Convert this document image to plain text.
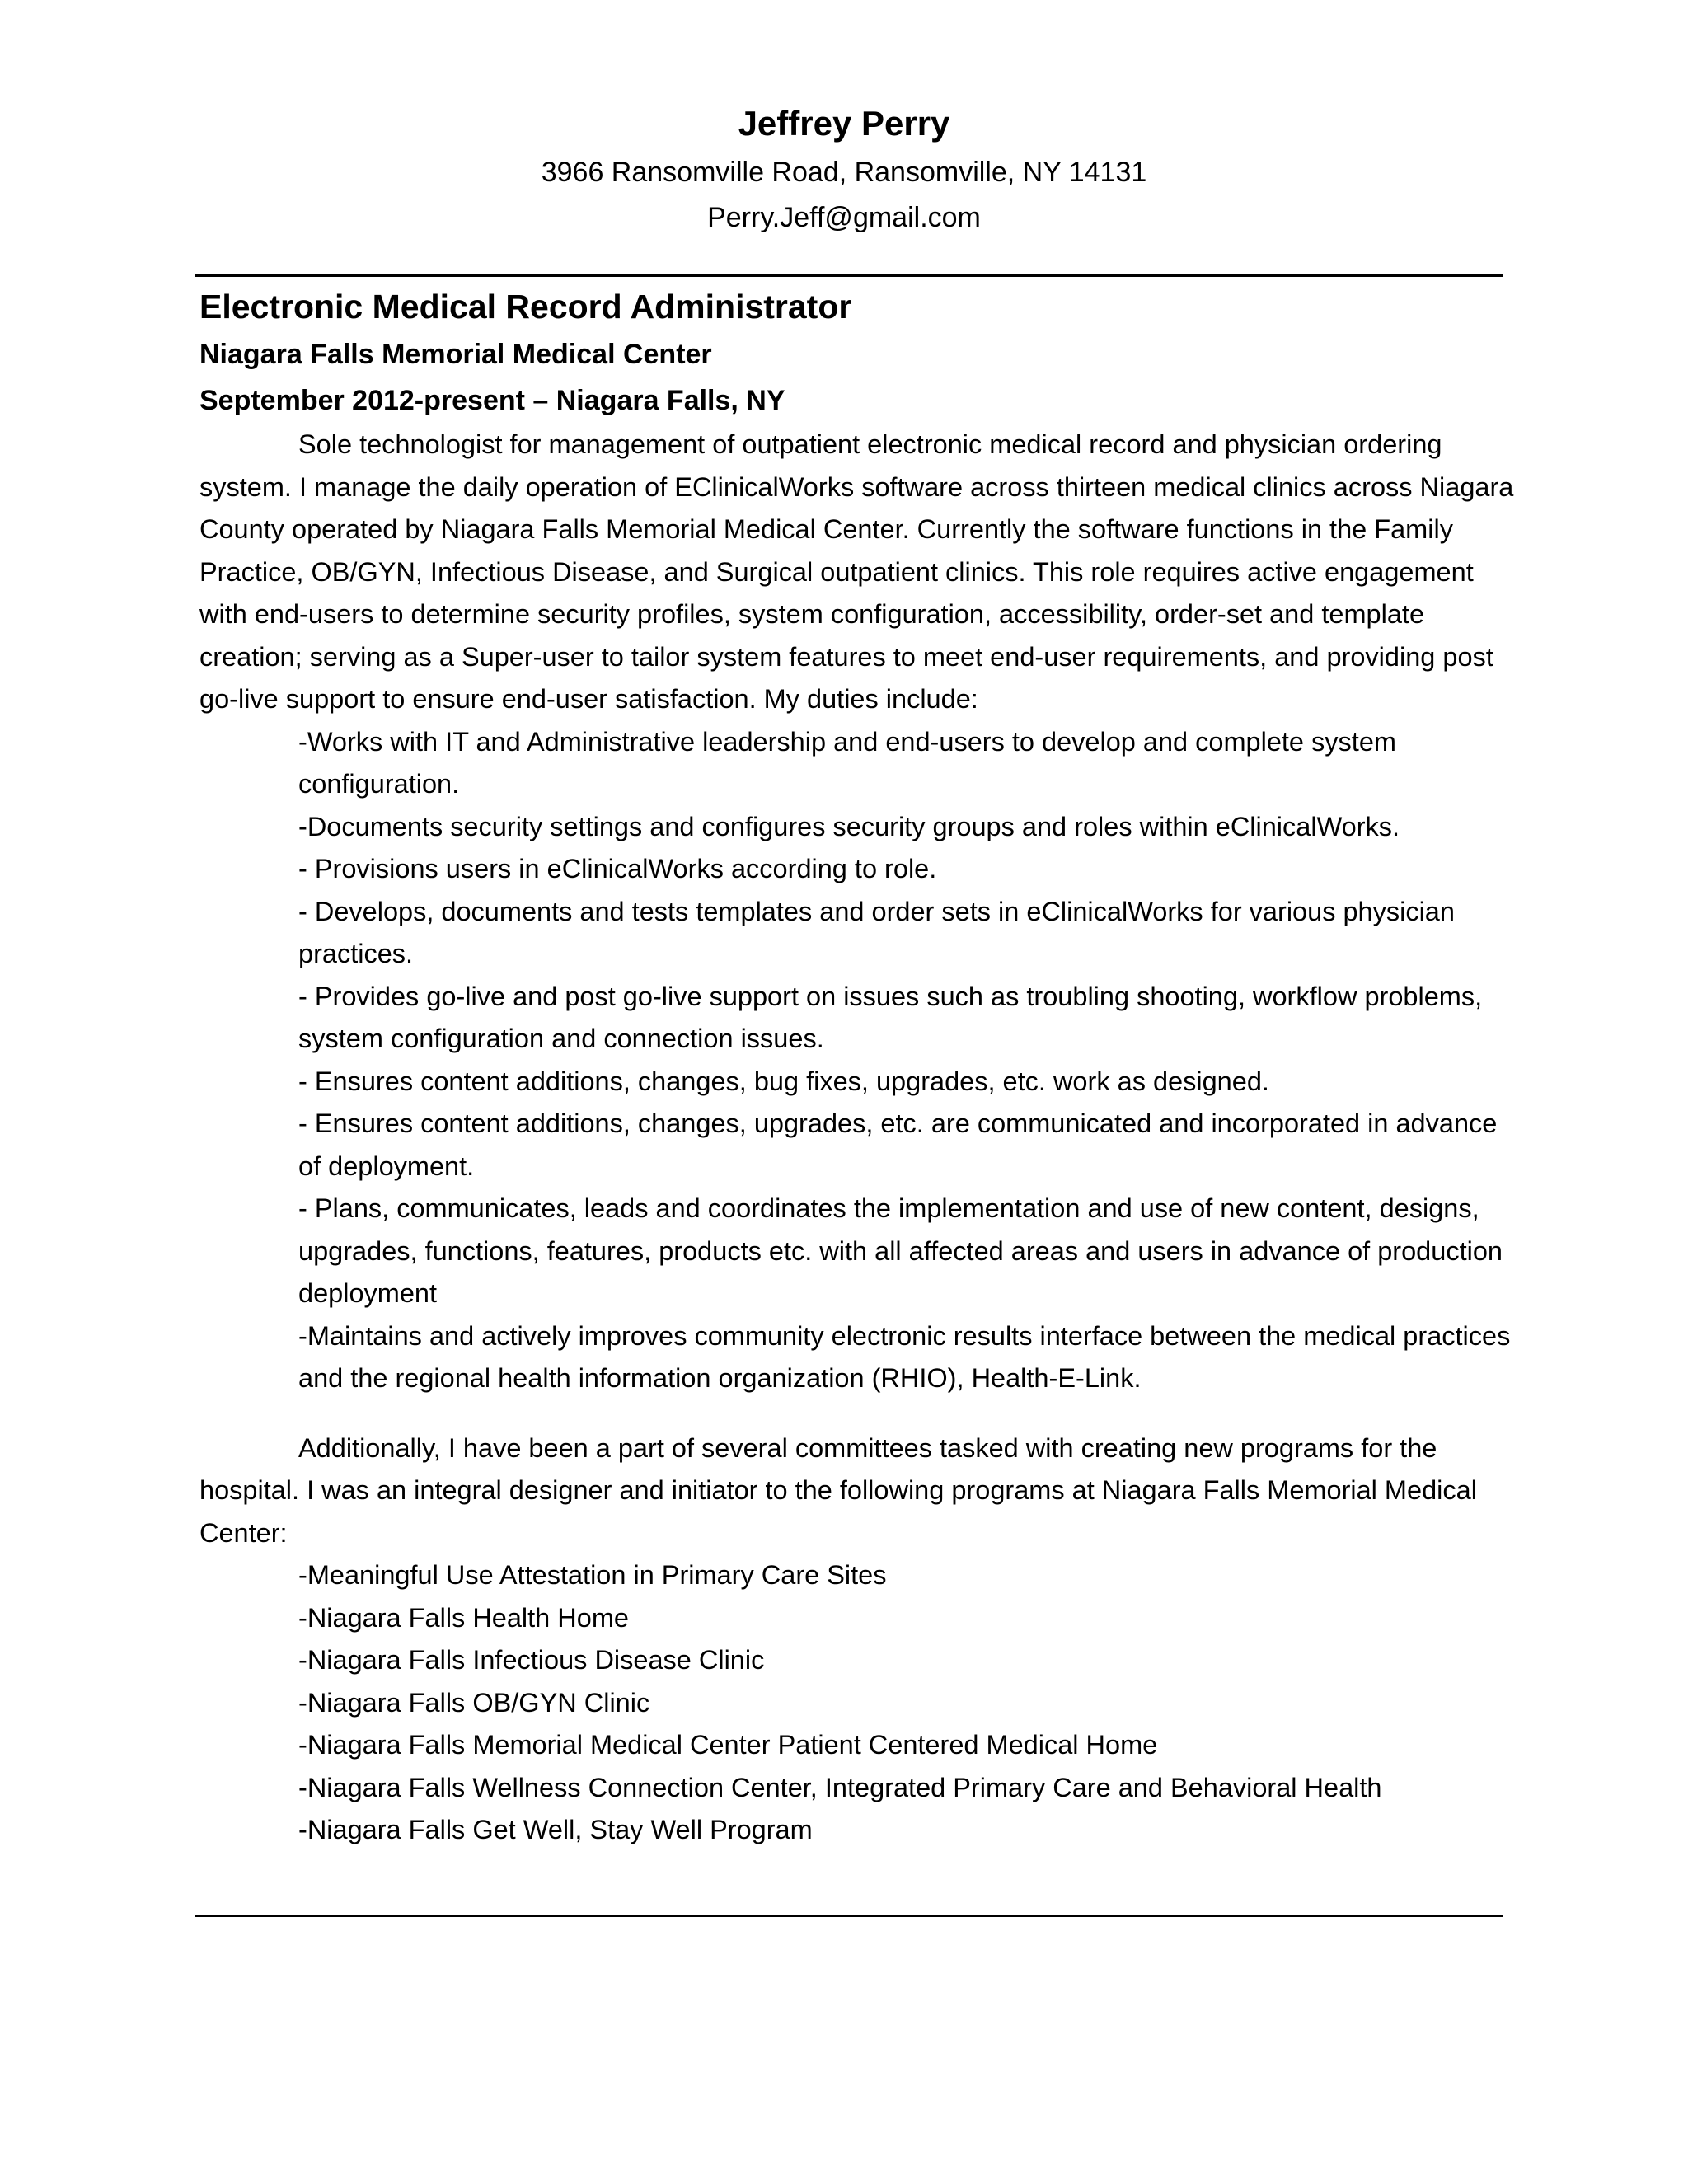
Jeffrey Perry
3966 Ransomville Road, Ransomville, NY 14131
Perry.Jeff@gmail.com
Electronic Medical Record Administrator
Niagara Falls Memorial Medical Center
September 2012-present – Niagara Falls, NY

Sole technologist for management of outpatient electronic medical record and physician ordering system. I manage the daily operation of EClinicalWorks software across thirteen medical clinics across Niagara County operated by Niagara Falls Memorial Medical Center. Currently the software functions in the Family Practice, OB/GYN, Infectious Disease, and Surgical outpatient clinics. This role requires active engagement with end-users to determine security profiles, system configuration, accessibility, order-set and template creation; serving as a Super-user to tailor system features to meet end-user requirements, and providing post go-live support to ensure end-user satisfaction. My duties include:

-Works with IT and Administrative leadership and end-users to develop and complete system configuration.
-Documents security settings and configures security groups and roles within eClinicalWorks.
- Provisions users in eClinicalWorks according to role.
- Develops, documents and tests templates and order sets in eClinicalWorks for various physician practices.
- Provides go-live and post go-live support on issues such as troubling shooting, workflow problems, system configuration and connection issues.
- Ensures content additions, changes, bug fixes, upgrades, etc. work as designed.
- Ensures content additions, changes, upgrades, etc. are communicated and incorporated in advance of deployment.
- Plans, communicates, leads and coordinates the implementation and use of new content, designs, upgrades, functions, features, products etc. with all affected areas and users in advance of production deployment
-Maintains and actively improves community electronic results interface between the medical practices and the regional health information organization (RHIO), Health-E-Link.

Additionally, I have been a part of several committees tasked with creating new programs for the hospital. I was an integral designer and initiator to the following programs at Niagara Falls Memorial Medical Center:

-Meaningful Use Attestation in Primary Care Sites
-Niagara Falls Health Home
-Niagara Falls Infectious Disease Clinic
-Niagara Falls OB/GYN Clinic
-Niagara Falls Memorial Medical Center Patient Centered Medical Home
-Niagara Falls Wellness Connection Center, Integrated Primary Care and Behavioral Health
-Niagara Falls Get Well, Stay Well Program
